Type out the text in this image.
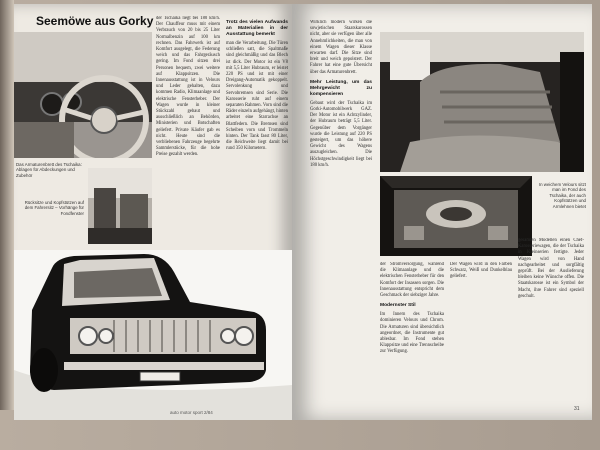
Seemöwe aus Gorky
Das Armaturenbrett des Tschaika: Ablagen für Abdeckungen und Zubehör
Rücksitze und Kopfstützen auf dem Fahrersitz – Vorhänge für Fondfenster
der Tschaika liegt bei 180 km/h. Der Chauffeur muss mit einem Verbrauch von 20 bis 25 Liter Normalbenzin auf 100 km rechnen. Das Fahrwerk ist auf Komfort ausgelegt, die Federung weich und das Fahrgeräusch gering. Im Fond sitzen drei Personen bequem, zwei weitere auf Klappsitzen. Die Innenausstattung ist in Velours und Leder gehalten, dazu kommen Radio, Klimaanlage und elektrische Fensterheber. Der Wagen wurde in kleiner Stückzahl gebaut und ausschließlich an Behörden, Ministerien und Botschaften geliefert. Private Käufer gab es nicht. Heute sind die verbliebenen Fahrzeuge begehrte Sammlerstücke, für die hohe Preise gezahlt werden.
Trotz des vielen Aufwands an Materialien in der Ausstattung bemerkt
man die Verarbeitung. Die Türen schließen satt, die Spaltmaße sind gleichmäßig und das Blech ist dick. Der Motor ist ein V8 mit 5,5 Liter Hubraum, er leistet 220 PS und ist mit einer Dreigang-Automatik gekoppelt. Servolenkung und Servobremsen sind Serie. Die Karosserie ruht auf einem separaten Rahmen. Vorn sind die Räder einzeln aufgehängt, hinten arbeitet eine Starrachse an Blattfedern. Die Bremsen sind Scheiben vorn und Trommeln hinten. Der Tank fasst 80 Liter, die Reichweite liegt damit bei rund 350 Kilometern.
auto motor sport 2/84
Wirklich modern wirken die sowjetischen Staatskarossen nicht, aber sie verfügen über alle Annehmlichkeiten, die man von einem Wagen dieser Klasse erwarten darf. Die Sitze sind breit und weich gepolstert. Der Fahrer hat eine gute Übersicht über das Armaturenbrett.
Mehr Leistung, um das Mehrgewicht zu kompensieren
Gebaut wird der Tschaika im Gorki-Automobilwerk GAZ. Der Motor ist ein Achtzylinder, der Hubraum beträgt 5,5 Liter. Gegenüber dem Vorgänger wurde die Leistung auf 220 PS gesteigert, um das höhere Gewicht des Wagens auszugleichen. Die Höchstgeschwindigkeit liegt bei 180 km/h.
In weichem Velours sitzt man im Fond des Tschaika, der auch Kopfstützen und Armlehnen bietet
der Stromversorgung, während die Klimaanlage und die elektrischen Fensterheber für den Komfort der Insassen sorgen. Die Innenausstattung entspricht dem Geschmack der siebziger Jahre.
Modernster Stil
Im Innern des Tschaika dominieren Velours und Chrom. Die Armaturen sind übersichtlich angeordnet, die Instrumente gut ablesbar. Im Fond stehen Klappsitze und eine Trennscheibe zur Verfügung.
Der Wagen wird in den Farben Schwarz, Weiß und Dunkelblau geliefert.
gesamten Modellen einen Chef-Karosseriewagen, die der Tschaika in Kleinserien fertigte. Jeder Wagen wird von Hand nachgearbeitet und sorgfältig geprüft. Bei der Auslieferung bleiben keine Wünsche offen. Die Staatskarosse ist ein Symbol der Macht, ihre Fahrer sind speziell geschult.
31
